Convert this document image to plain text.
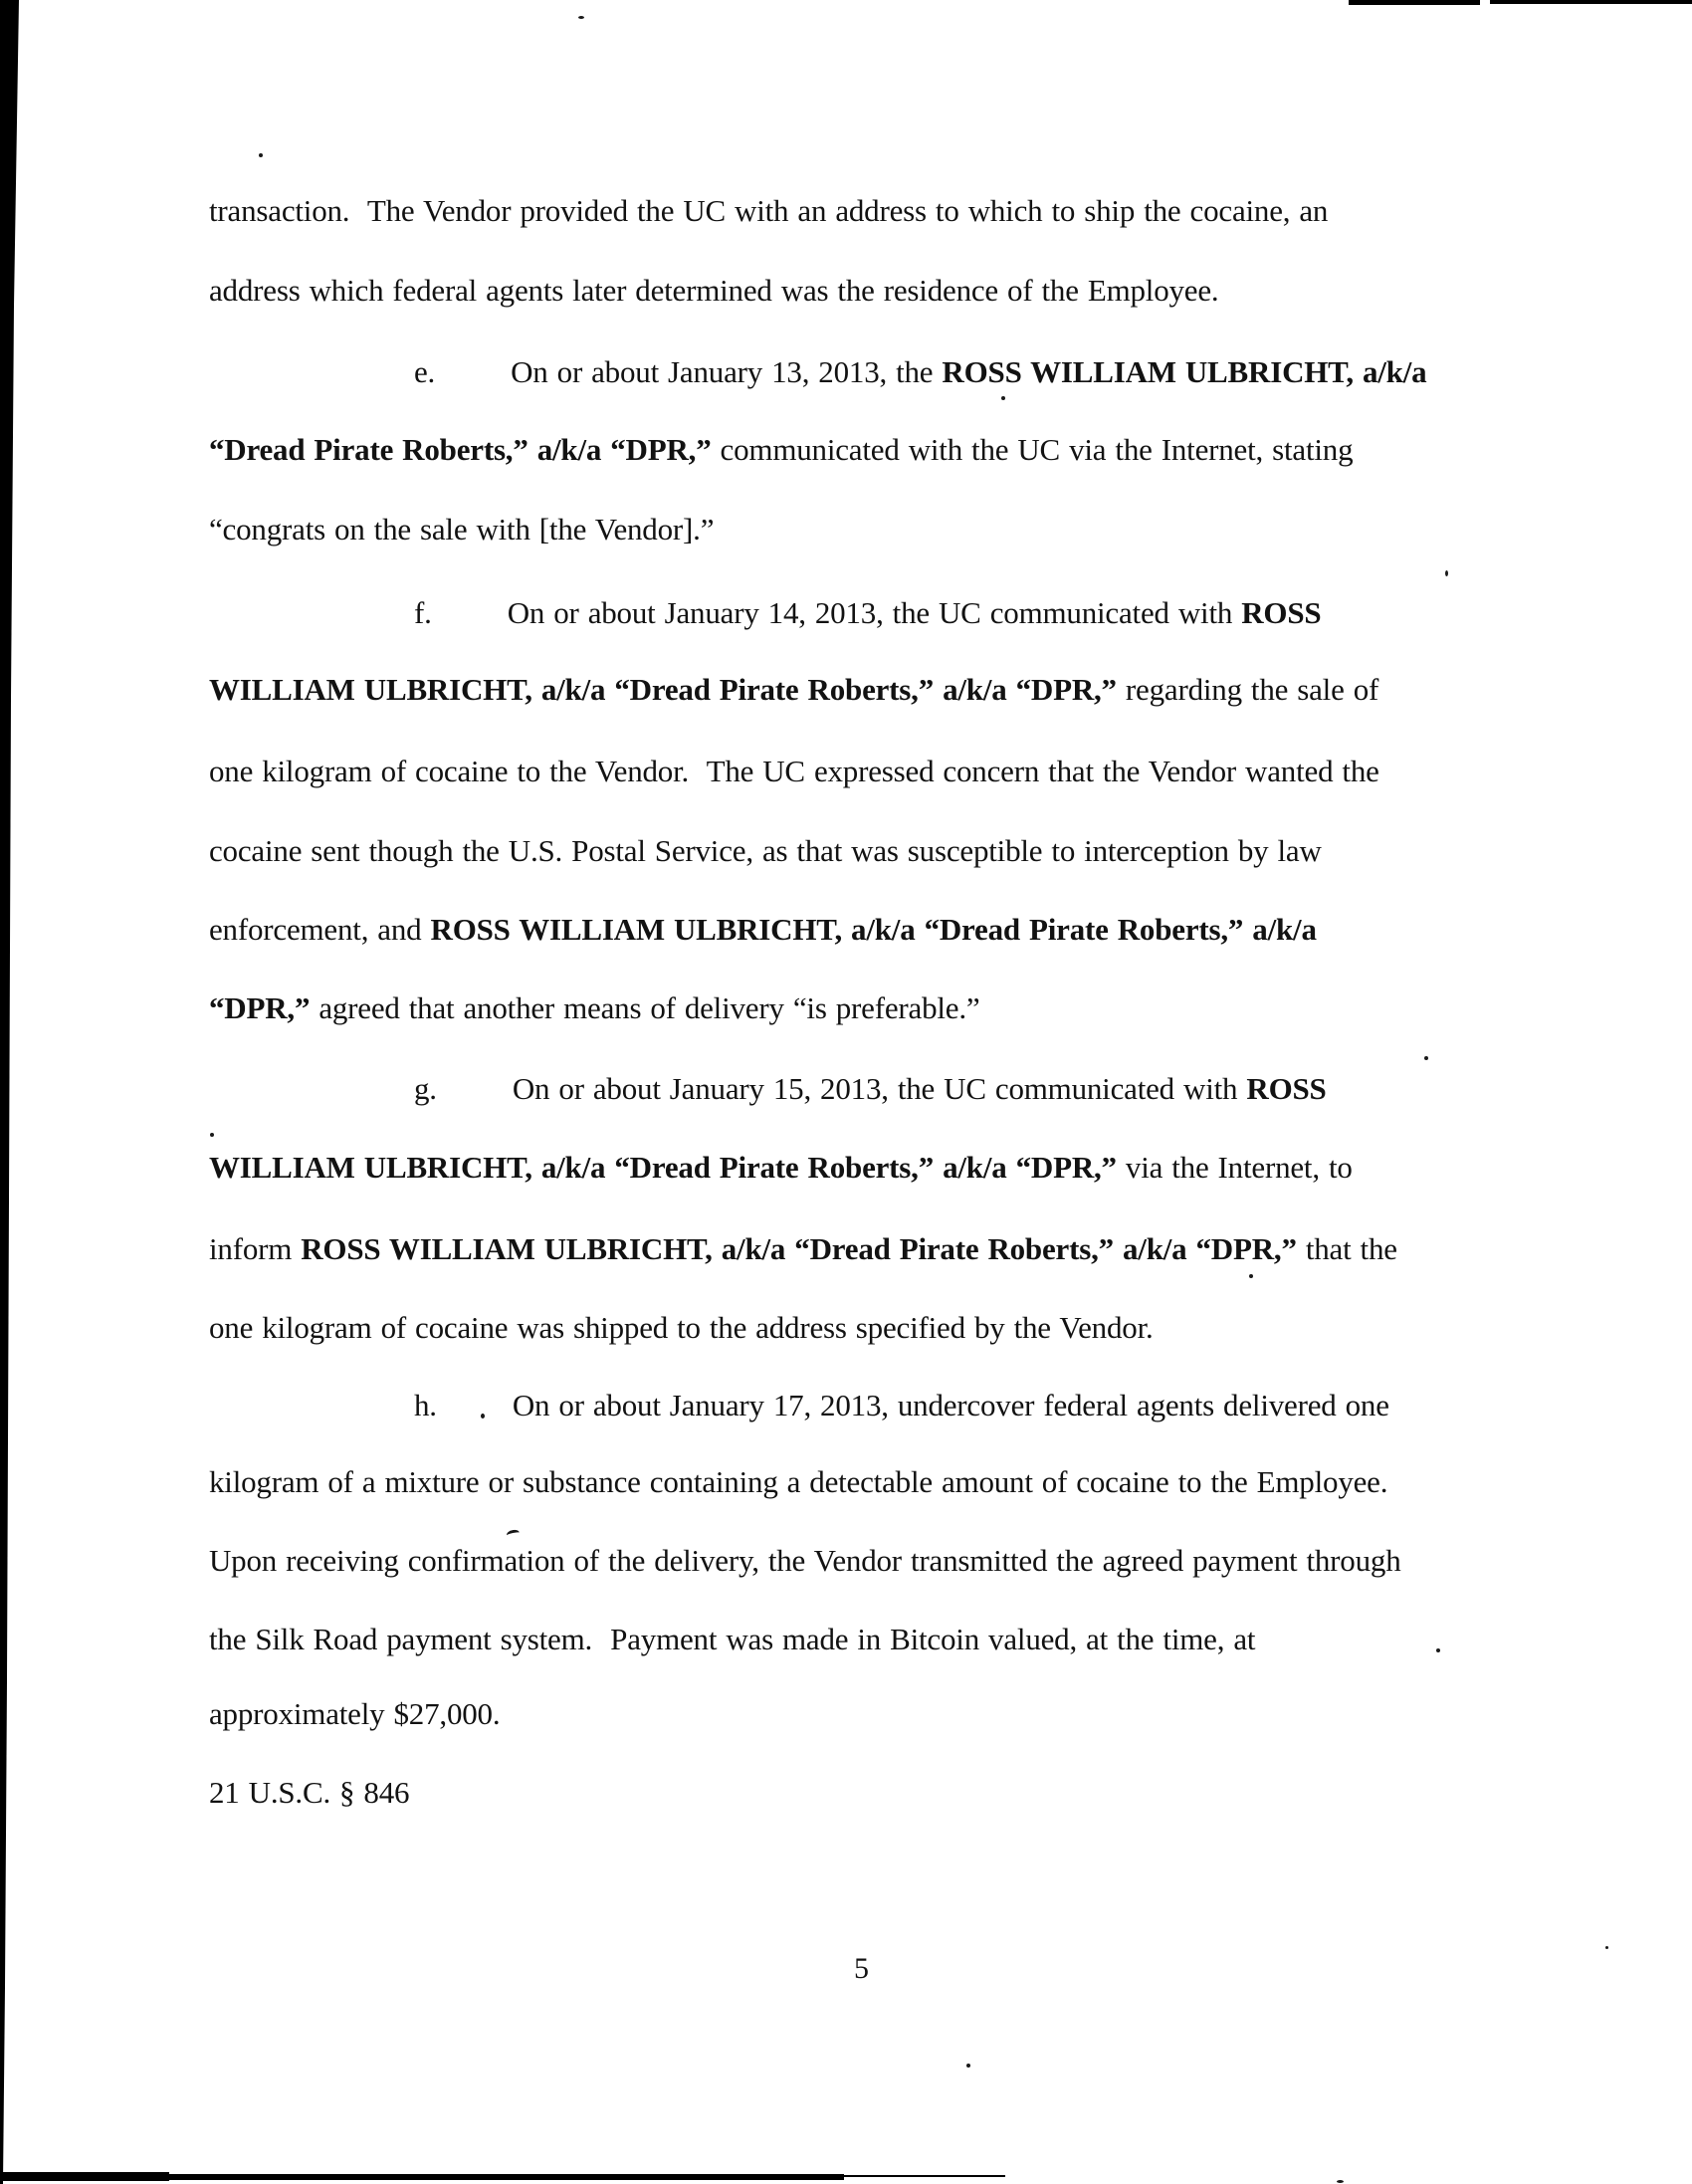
transaction.  The Vendor provided the UC with an address to which to ship the cocaine, an
address which federal agents later determined was the residence of the Employee.
e. On or about January 13, 2013, the ROSS WILLIAM ULBRICHT, a/k/a
“Dread Pirate Roberts,” a/k/a “DPR,” communicated with the UC via the Internet, stating
“congrats on the sale with [the Vendor].”
f. On or about January 14, 2013, the UC communicated with ROSS
WILLIAM ULBRICHT, a/k/a “Dread Pirate Roberts,” a/k/a “DPR,” regarding the sale of
one kilogram of cocaine to the Vendor.  The UC expressed concern that the Vendor wanted the
cocaine sent though the U.S. Postal Service, as that was susceptible to interception by law
enforcement, and ROSS WILLIAM ULBRICHT, a/k/a “Dread Pirate Roberts,” a/k/a
“DPR,” agreed that another means of delivery “is preferable.”
g. On or about January 15, 2013, the UC communicated with ROSS
WILLIAM ULBRICHT, a/k/a “Dread Pirate Roberts,” a/k/a “DPR,” via the Internet, to
inform ROSS WILLIAM ULBRICHT, a/k/a “Dread Pirate Roberts,” a/k/a “DPR,” that the
one kilogram of cocaine was shipped to the address specified by the Vendor.
h. On or about January 17, 2013, undercover federal agents delivered one
kilogram of a mixture or substance containing a detectable amount of cocaine to the Employee.
Upon receiving confirmation of the delivery, the Vendor transmitted the agreed payment through
the Silk Road payment system.  Payment was made in Bitcoin valued, at the time, at
approximately $27,000.
21 U.S.C. § 846
5
